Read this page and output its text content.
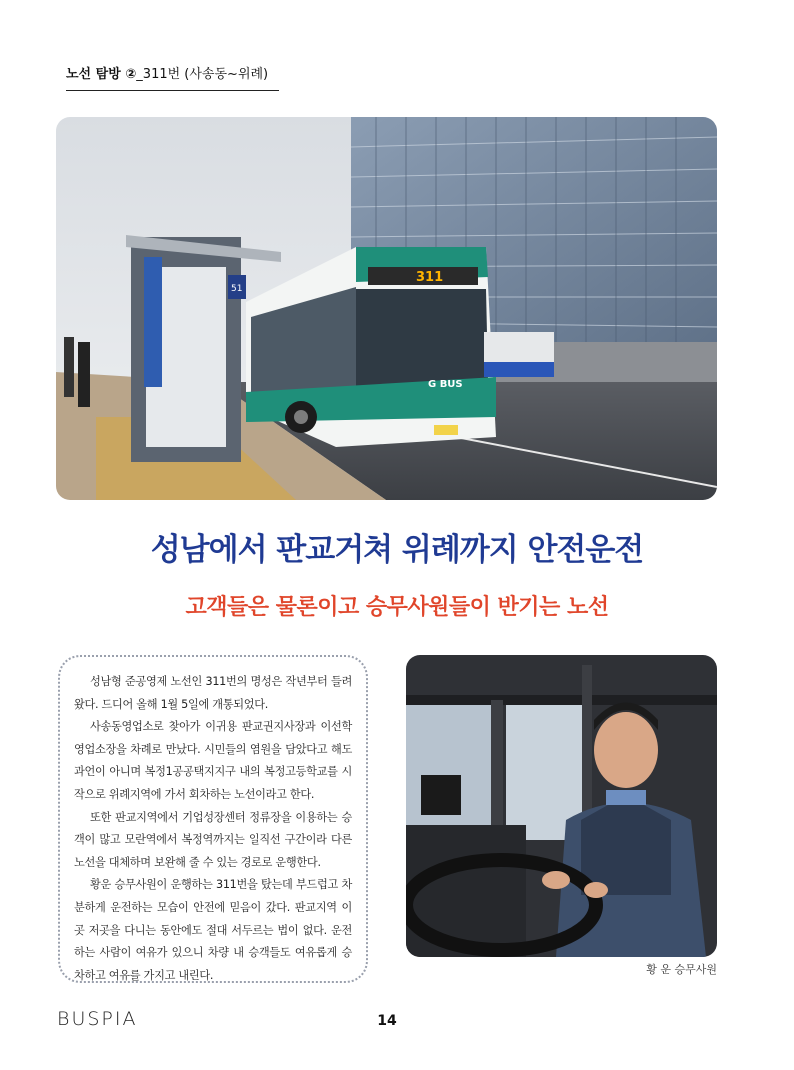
노선 탐방 ②_311번 (사송동~위례)
51
311
G BUS
성남에서 판교거쳐 위례까지 안전운전
고객들은 물론이고 승무사원들이 반기는 노선

성남형 준공영제 노선인 311번의 명성은 작년부터 들려왔다. 드디어 올해 1월 5일에 개통되었다.

사송동영업소로 찾아가 이귀용 판교권지사장과 이선학 영업소장을 차례로 만났다. 시민들의 염원을 담았다고 해도 과언이 아니며 복정1공공택지지구 내의 복정고등학교를 시작으로 위례지역에 가서 회차하는 노선이라고 한다.

또한 판교지역에서 기업성장센터 정류장을 이용하는 승객이 많고 모란역에서 복정역까지는 일직선 구간이라 다른 노선을 대체하며 보완해 줄 수 있는 경로로 운행한다.

황운 승무사원이 운행하는 311번을 탔는데 부드럽고 차분하게 운전하는 모습이 안전에 믿음이 갔다. 판교지역 이곳 저곳을 다니는 동안에도 절대 서두르는 법이 없다. 운전하는 사람이 여유가 있으니 차량 내 승객들도 여유롭게 승차하고 여유를 가지고 내린다.	황 운 승무사원
BUSPIA	14
